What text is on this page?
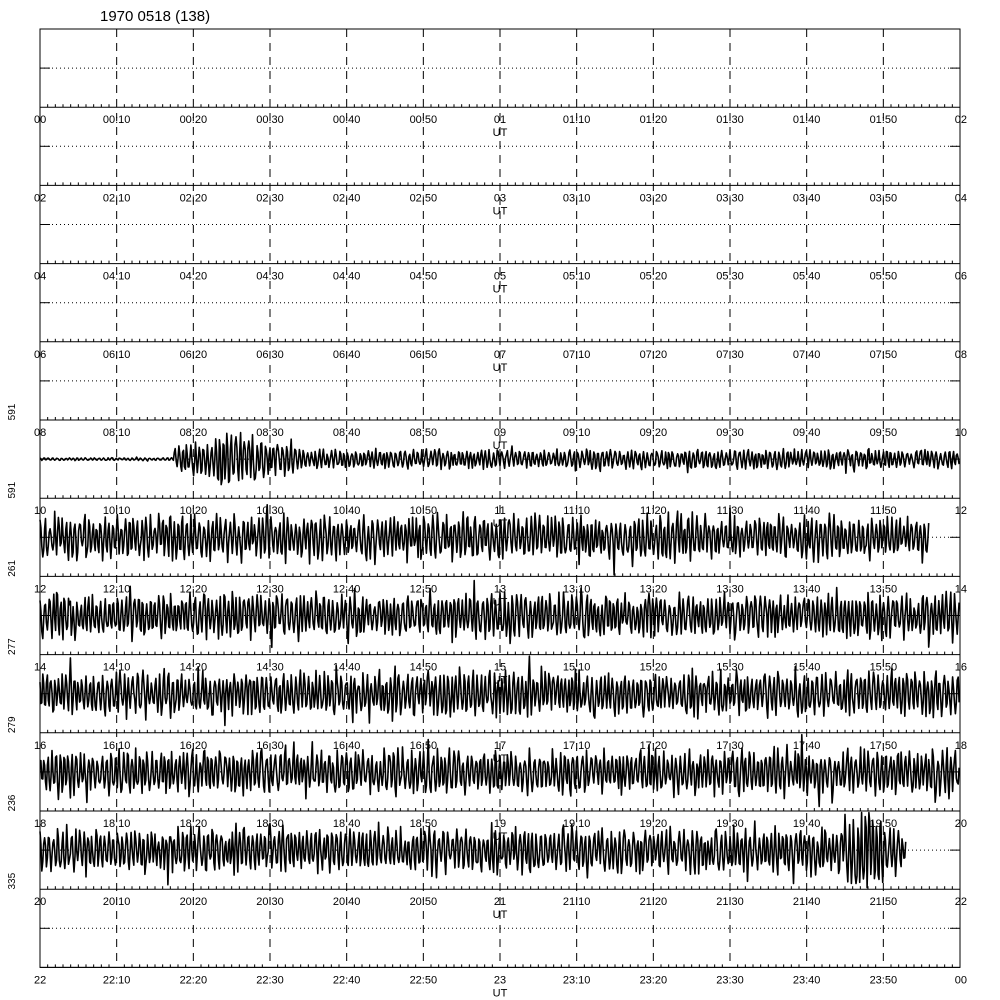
1970 0518 (138)
00	00:10	00:20	00:30	00:40	00:50	01	01:10	01:20	01:30	01:40	01:50	02
UT
02	02:10	02:20	02:30	02:40	02:50	03	03:10	03:20	03:30	03:40	03:50	04
UT
04	04:10	04:20	04:30	04:40	04:50	05	05:10	05:20	05:30	05:40	05:50	06
UT
06	06:10	06:20	06:30	06:40	06:50	07	07:10	07:20	07:30	07:40	07:50	08
UT
08	08:10	08:20	08:30	08:40	08:50	09	09:10	09:20	09:30	09:40	09:50	10
UT
591
10	10:10	10:20	10:30	10:40	10:50	11	11:10	11:20	11:30	11:40	11:50	12
UT
591
12	12:10	12:20	12:30	12:40	12:50	13	13:10	13:20	13:30	13:40	13:50	14
UT
261
14	14:10	14:20	14:30	14:40	14:50	15	15:10	15:20	15:30	15:40	15:50	16
UT
277
16	16:10	16:20	16:30	16:40	16:50	17	17:10	17:20	17:30	17:40	17:50	18
UT
279
18	18:10	18:20	18:30	18:40	18:50	19	19:10	19:20	19:30	19:40	19:50	20
UT
236
20	20:10	20:20	20:30	20:40	20:50	21	21:10	21:20	21:30	21:40	21:50	22
UT
335
22	22:10	22:20	22:30	22:40	22:50	23	23:10	23:20	23:30	23:40	23:50	00
UT
